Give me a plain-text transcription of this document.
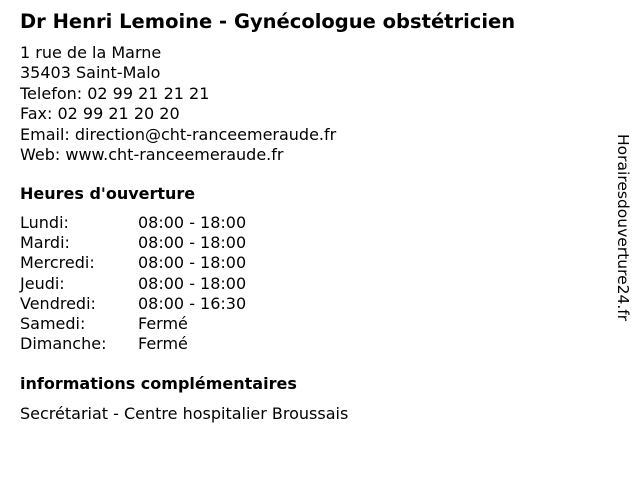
Dr Henri Lemoine - Gynécologue obstétricien
1 rue de la Marne
35403 Saint-Malo
Telefon: 02 99 21 21 21
Fax: 02 99 21 20 20
Email: direction@cht-ranceemeraude.fr
Web: www.cht-ranceemeraude.fr
Heures d'ouverture
Lundi:	08:00 - 18:00
Mardi:	08:00 - 18:00
Mercredi:	08:00 - 18:00
Jeudi:	08:00 - 18:00
Vendredi:	08:00 - 16:30
Samedi:	Fermé
Dimanche:	Fermé
informations complémentaires
Secrétariat - Centre hospitalier Broussais
Horairesdouverture24.fr
